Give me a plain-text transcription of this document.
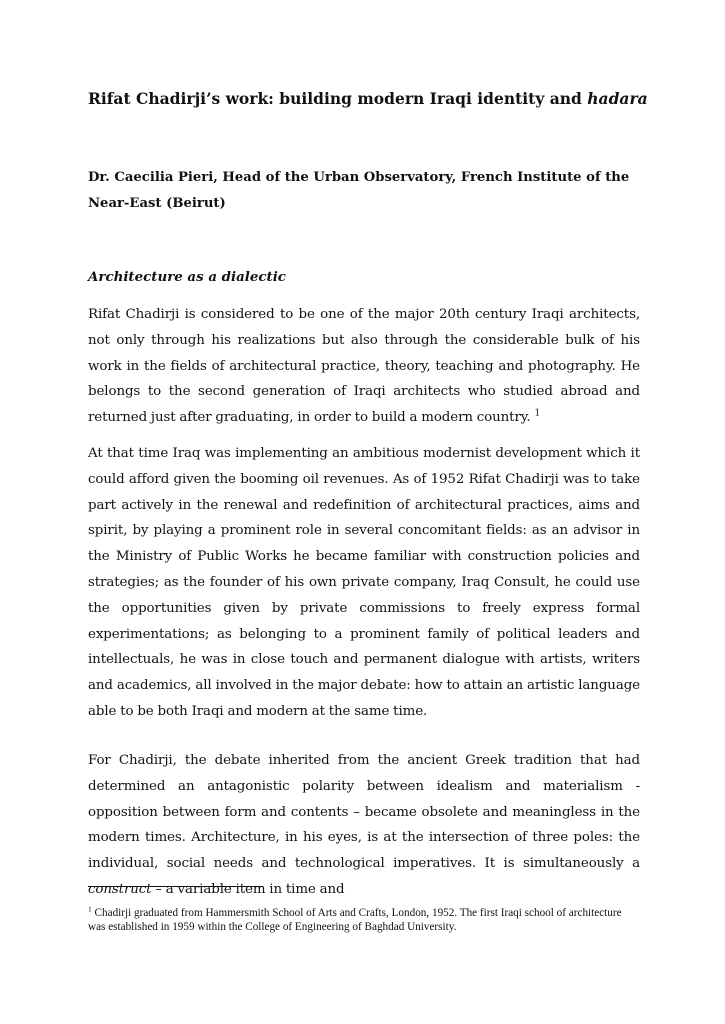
Rifat Chadirji’s work: building modern Iraqi identity and hadara
Dr. Caecilia Pieri, Head of the Urban Observatory, French Institute of the Near-East (Beirut)
Architecture as a dialectic
Rifat Chadirji is considered to be one of the major 20th century Iraqi architects, not only through his realizations but also through the considerable bulk of his work in the fields of architectural practice, theory, teaching and photography. He belongs to the second generation of Iraqi architects who studied abroad and returned just after graduating, in order to build a modern country. $^1$
At that time Iraq was implementing an ambitious modernist development which it could afford given the booming oil revenues. As of 1952 Rifat Chadirji was to take part actively in the renewal and redefinition of architectural practices, aims and spirit, by playing a prominent role in several concomitant fields: as an advisor in the Ministry of Public Works he became familiar with construction policies and strategies; as the founder of his own private company, Iraq Consult, he could use the opportunities given by private commissions to freely express formal experimentations; as belonging to a prominent family of political leaders and intellectuals, he was in close touch and permanent dialogue with artists, writers and academics, all involved in the major debate: how to attain an artistic language able to be both Iraqi and modern at the same time.
For Chadirji, the debate inherited from the ancient Greek tradition that had determined an antagonistic polarity between idealism and materialism - opposition between form and contents – became obsolete and meaningless in the modern times. Architecture, in his eyes, is at the intersection of three poles: the individual, social needs and technological imperatives. It is simultaneously a construct – a variable item in time and
$^1$ Chadirji graduated from Hammersmith School of Arts and Crafts, London, 1952. The first Iraqi school of architecture was established in 1959 within the College of Engineering of Baghdad University.
